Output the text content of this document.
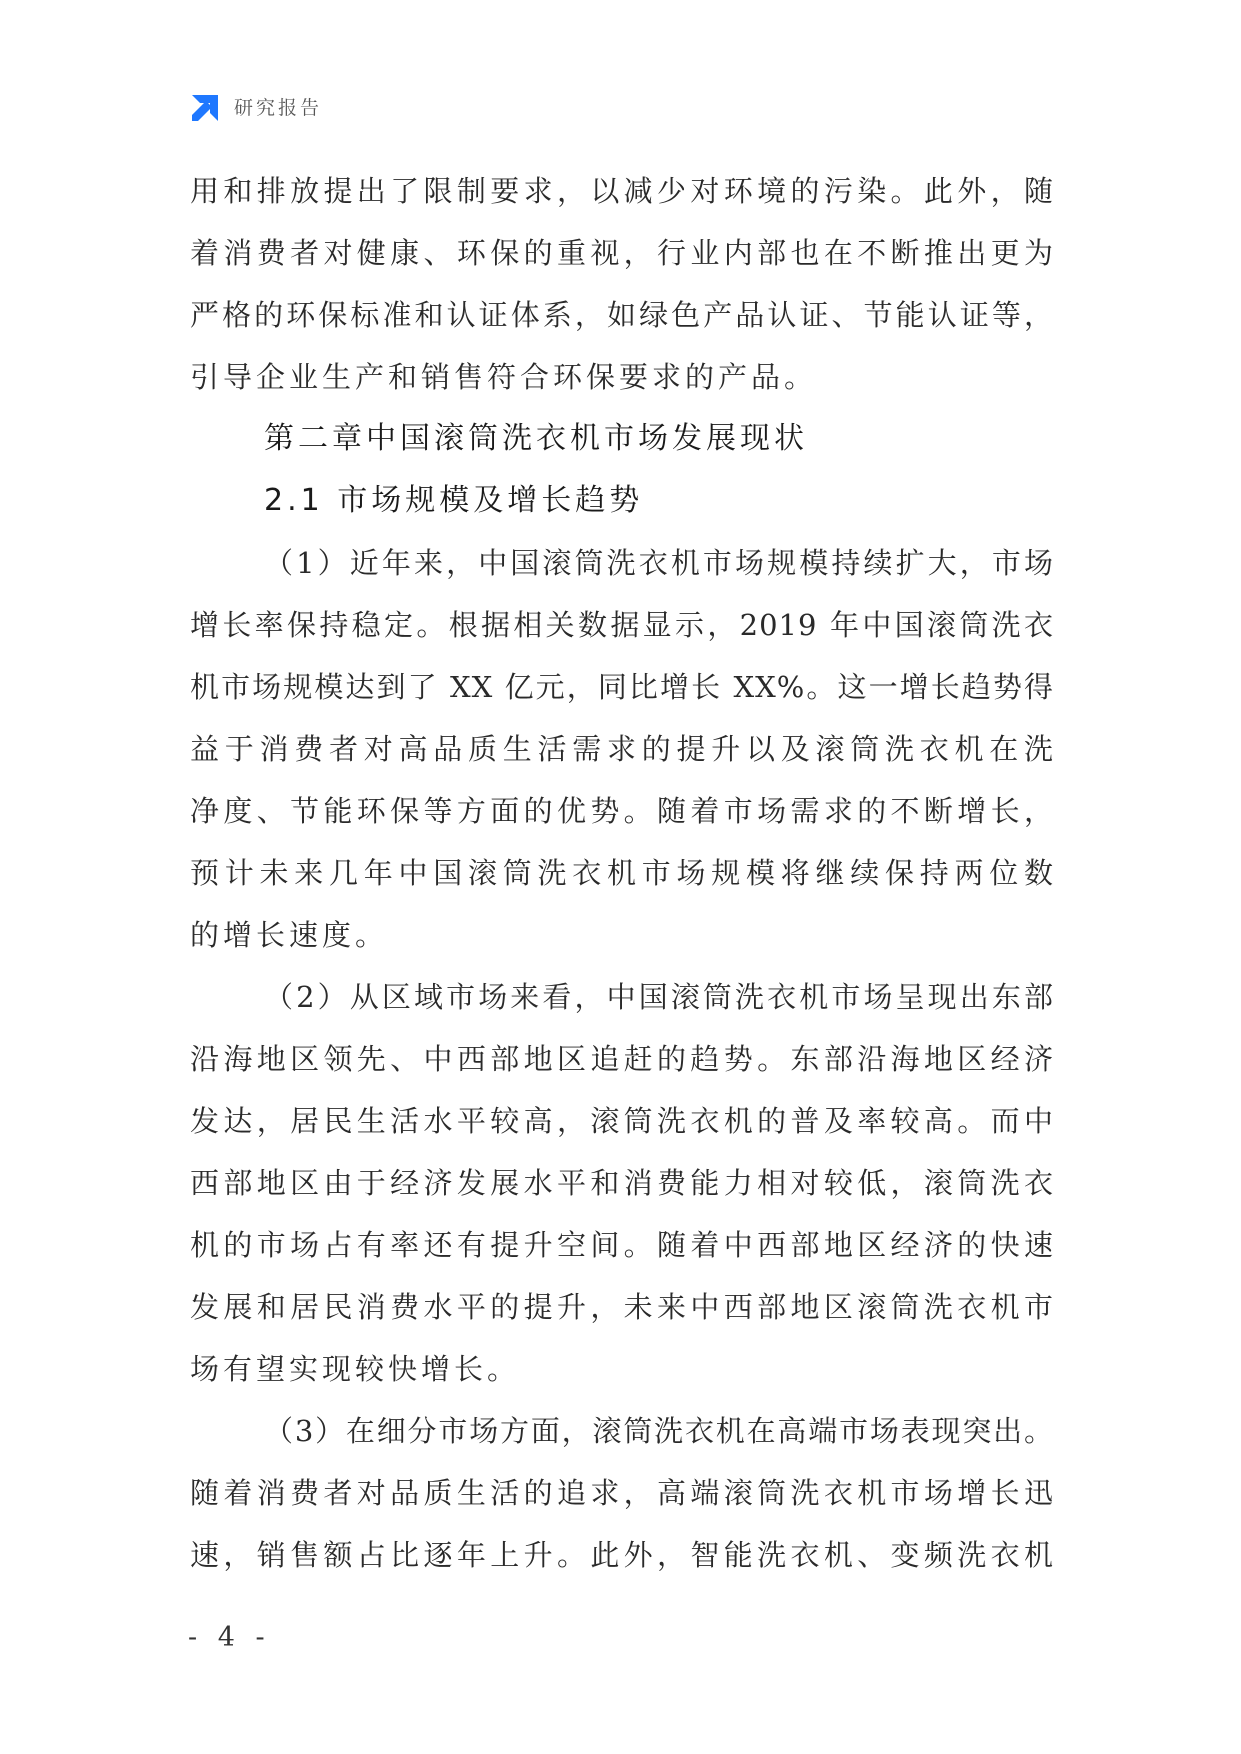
研究报告
用和排放提出了限制要求，以减少对环境的污染。此外，随
着消费者对健康、环保的重视，行业内部也在不断推出更为
严格的环保标准和认证体系，如绿色产品认证、节能认证等，
引导企业生产和销售符合环保要求的产品。
第二章中国滚筒洗衣机市场发展现状
2.1 市场规模及增长趋势
（1）近年来，中国滚筒洗衣机市场规模持续扩大，市场
增长率保持稳定。根据相关数据显示，2019 年中国滚筒洗衣
机市场规模达到了 XX 亿元，同比增长 XX%。这一增长趋势得
益于消费者对高品质生活需求的提升以及滚筒洗衣机在洗
净度、节能环保等方面的优势。随着市场需求的不断增长，
预计未来几年中国滚筒洗衣机市场规模将继续保持两位数
的增长速度。
（2）从区域市场来看，中国滚筒洗衣机市场呈现出东部
沿海地区领先、中西部地区追赶的趋势。东部沿海地区经济
发达，居民生活水平较高，滚筒洗衣机的普及率较高。而中
西部地区由于经济发展水平和消费能力相对较低，滚筒洗衣
机的市场占有率还有提升空间。随着中西部地区经济的快速
发展和居民消费水平的提升，未来中西部地区滚筒洗衣机市
场有望实现较快增长。
（3）在细分市场方面，滚筒洗衣机在高端市场表现突出。
随着消费者对品质生活的追求，高端滚筒洗衣机市场增长迅
速，销售额占比逐年上升。此外，智能洗衣机、变频洗衣机
- 4 -
